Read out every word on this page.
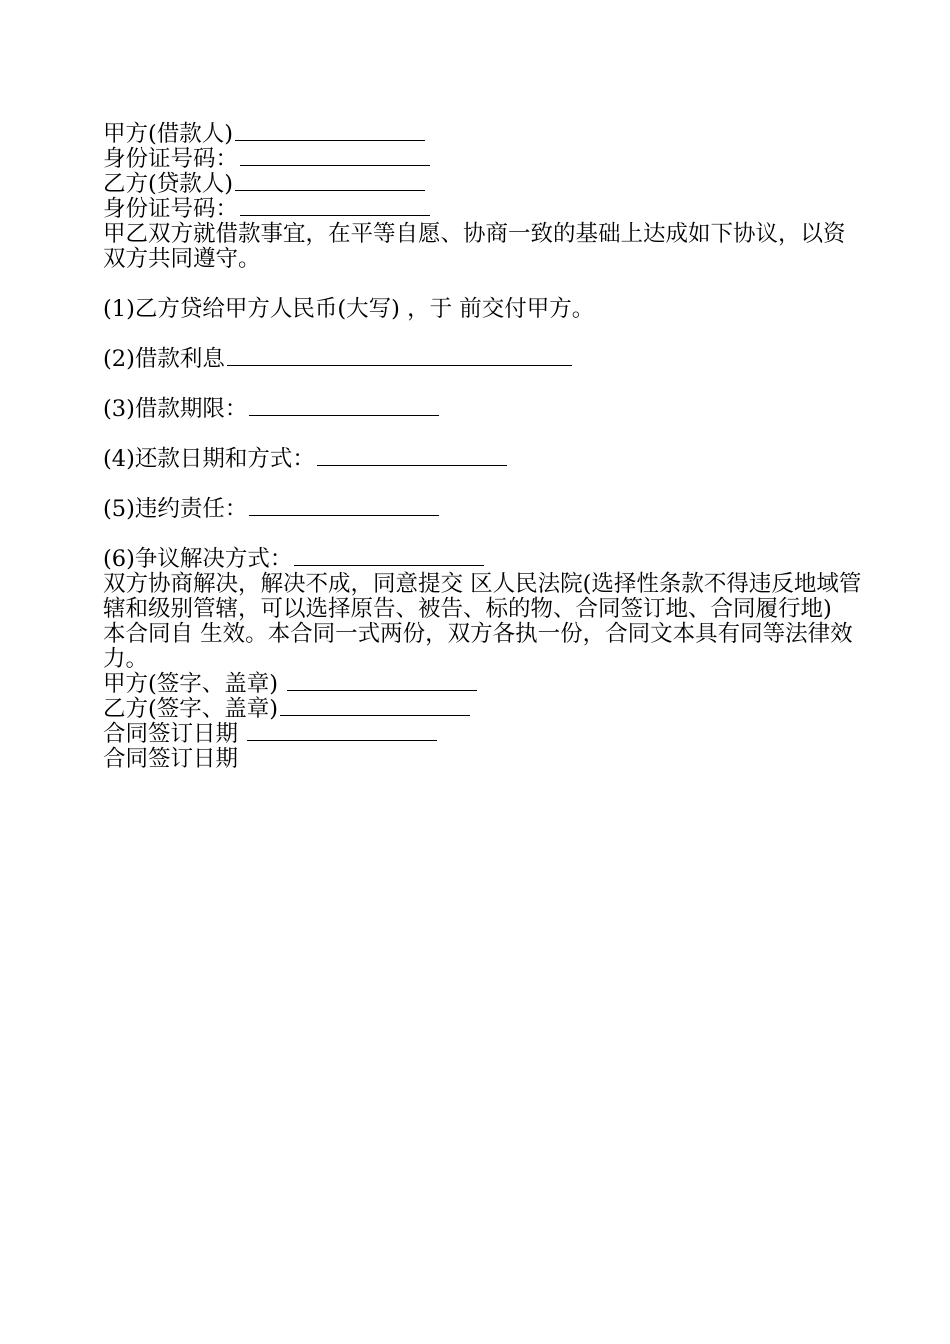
甲方(借款人)
身份证号码：
乙方(贷款人)
身份证号码：
甲乙双方就借款事宜，在平等自愿、协商一致的基础上达成如下协议，以资双方共同遵守。
(1)乙方贷给甲方人民币(大写) ，于 前交付甲方。
(2)借款利息
(3)借款期限：
(4)还款日期和方式：
(5)违约责任：
(6)争议解决方式：
双方协商解决，解决不成，同意提交 区人民法院(选择性条款不得违反地域管辖和级别管辖，可以选择原告、被告、标的物、合同签订地、合同履行地)
本合同自 生效。本合同一式两份，双方各执一份，合同文本具有同等法律效力。
甲方(签字、盖章)
乙方(签字、盖章)
合同签订日期
合同签订日期
